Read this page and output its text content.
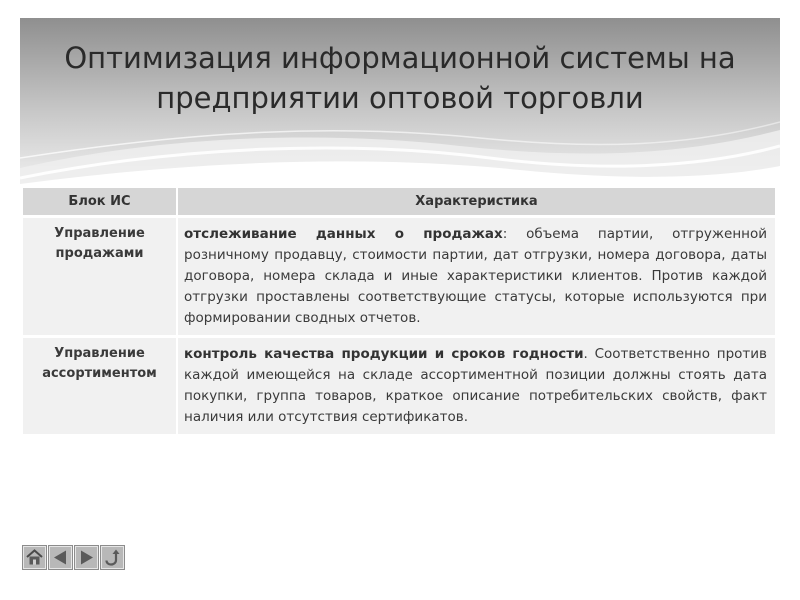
Оптимизация информационной системы на
предприятии оптовой торговли
Блок ИС	Характеристика
Управление
продажами	отслеживание данных о продажах: объема партии, отгруженной розничному продавцу, стоимости партии, дат отгрузки, номера договора, даты договора, номера склада и иные характеристики клиентов. Против каждой отгрузки проставлены соответствующие статусы, которые используются при формировании сводных отчетов.
Управление
ассортиментом	контроль качества продукции и сроков годности. Соответственно против каждой имеющейся на складе ассортиментной позиции должны стоять дата покупки, группа товаров, краткое описание потребительских свойств, факт наличия или отсутствия сертификатов.
